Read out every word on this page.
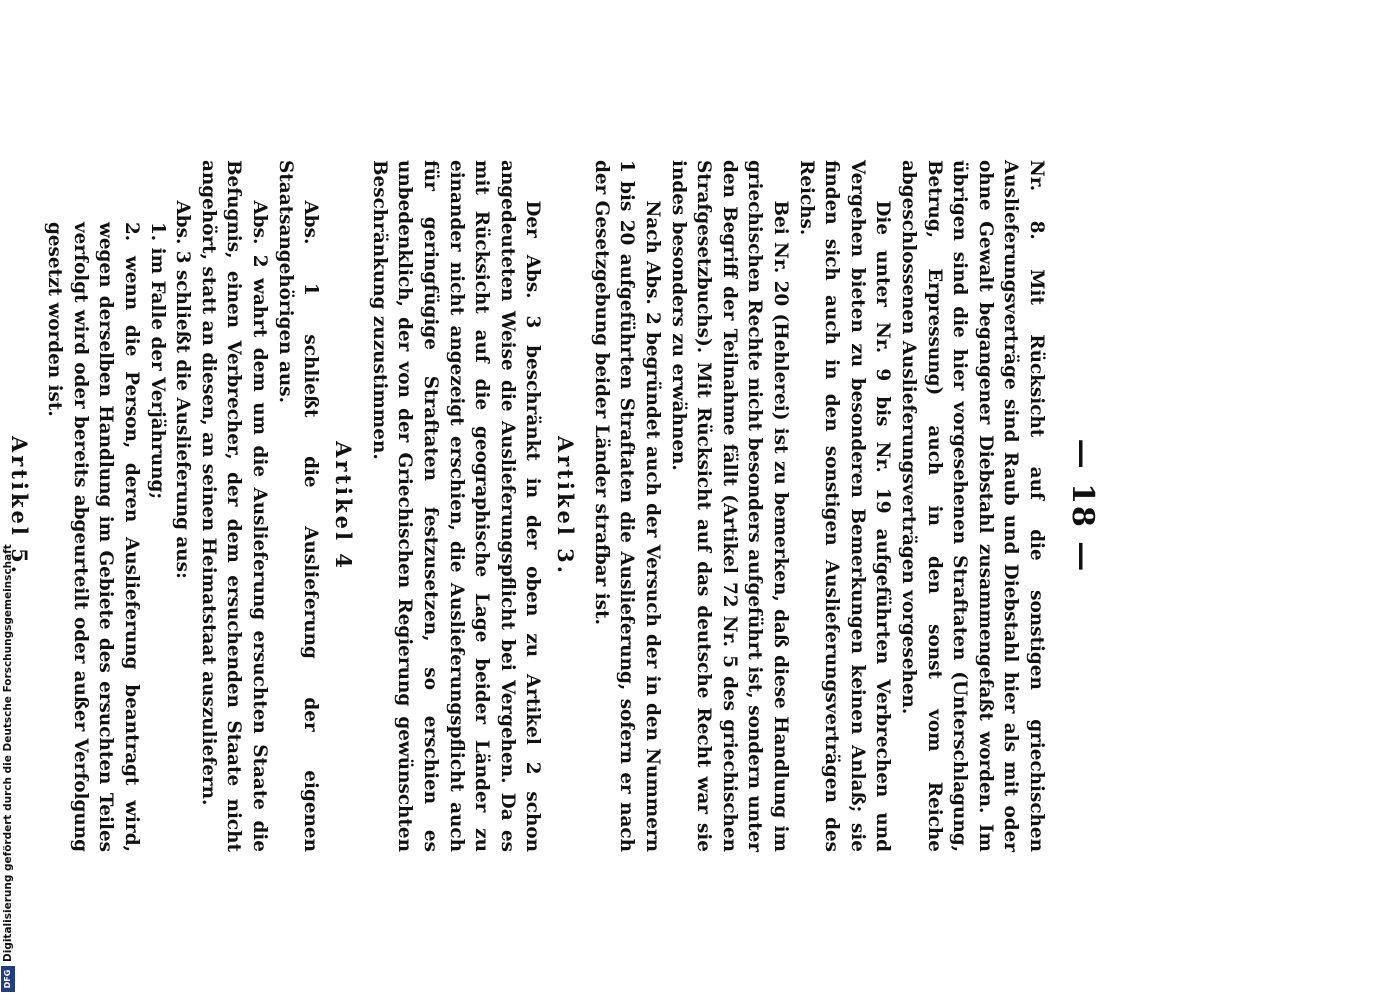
— 18 —

Nr. 8. Mit Rücksicht auf die sonstigen griechischen Auslieferungsverträge sind Raub und Diebstahl hier als mit oder ohne Gewalt begangener Diebstahl zusammengefaßt worden. Im übrigen sind die hier vorgesehenen Straftaten (Unterschlagung, Betrug, Erpressung) auch in den sonst vom Reiche abgeschlossenen Auslieferungsverträgen vorgesehen.

Die unter Nr. 9 bis Nr. 19 aufgeführten Verbrechen und Vergehen bieten zu besonderen Bemerkungen keinen Anlaß; sie finden sich auch in den sonstigen Auslieferungsverträgen des Reichs.

Bei Nr. 20 (Hehlerei) ist zu bemerken, daß diese Handlung im griechischen Rechte nicht besonders aufgeführt ist, sondern unter den Begriff der Teilnahme fällt (Artikel 72 Nr. 5 des griechischen Strafgesetzbuchs). Mit Rücksicht auf das deutsche Recht war sie indes besonders zu erwähnen.

Nach Abs. 2 begründet auch der Versuch der in den Nummern 1 bis 20 aufgeführten Straftaten die Auslieferung, sofern er nach der Gesetzgebung beider Länder strafbar ist.

Artikel 3.

Der Abs. 3 beschränkt in der oben zu Artikel 2 schon angedeuteten Weise die Auslieferungspflicht bei Vergehen. Da es mit Rücksicht auf die geographische Lage beider Länder zu einander nicht angezeigt erschien, die Auslieferungspflicht auch für geringfügige Straftaten festzusetzen, so erschien es unbedenklich, der von der Griechischen Regierung gewünschten Beschränkung zuzustimmen.

Artikel 4

Abs. 1 schließt die Auslieferung der eigenen Staatsangehörigen aus.

Abs. 2 wahrt dem um die Auslieferung ersuchten Staate die Befugnis, einen Verbrecher, der dem ersuchenden Staate nicht angehört, statt an diesen, an seinen Heimatstaat auszuliefern.

Abs. 3 schließt die Auslieferung aus:

1. im Falle der Verjährung;
2. wenn die Person, deren Auslieferung beantragt wird, wegen derselben Handlung im Gebiete des ersuchten Teiles verfolgt wird oder bereits abgeurteilt oder außer Verfolgung gesetzt worden ist.
Artikel 5.

Digitalisierung gefördert durch die Deutsche Forschungsgemeinschaft
DFG
